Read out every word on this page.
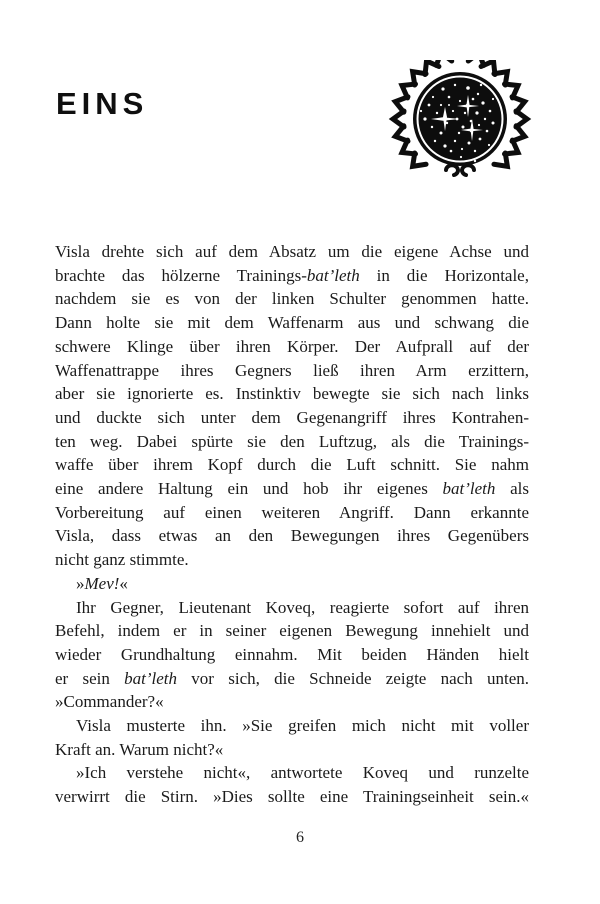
EINS
Visla drehte sich auf dem Absatz um die eigene Achse und
brachte das hölzerne Trainings-bat’leth in die Horizontale,
nachdem sie es von der linken Schulter genommen hatte.
Dann holte sie mit dem Waffenarm aus und schwang die
schwere Klinge über ihren Körper. Der Aufprall auf der
Waffenattrappe ihres Gegners ließ ihren Arm erzittern,
aber sie ignorierte es. Instinktiv bewegte sie sich nach links
und duckte sich unter dem Gegenangriff ihres Kontrahen-
ten weg. Dabei spürte sie den Luftzug, als die Trainings-
waffe über ihrem Kopf durch die Luft schnitt. Sie nahm
eine andere Haltung ein und hob ihr eigenes bat’leth als
Vorbereitung auf einen weiteren Angriff. Dann erkannte
Visla, dass etwas an den Bewegungen ihres Gegenübers
nicht ganz stimmte.
»Mev!«
Ihr Gegner, Lieutenant Koveq, reagierte sofort auf ihren
Befehl, indem er in seiner eigenen Bewegung innehielt und
wieder Grundhaltung einnahm. Mit beiden Händen hielt
er sein bat’leth vor sich, die Schneide zeigte nach unten.
»Commander?«
Visla musterte ihn. »Sie greifen mich nicht mit voller
Kraft an. Warum nicht?«
»Ich verstehe nicht«, antwortete Koveq und runzelte
verwirrt die Stirn. »Dies sollte eine Trainingseinheit sein.«
6
